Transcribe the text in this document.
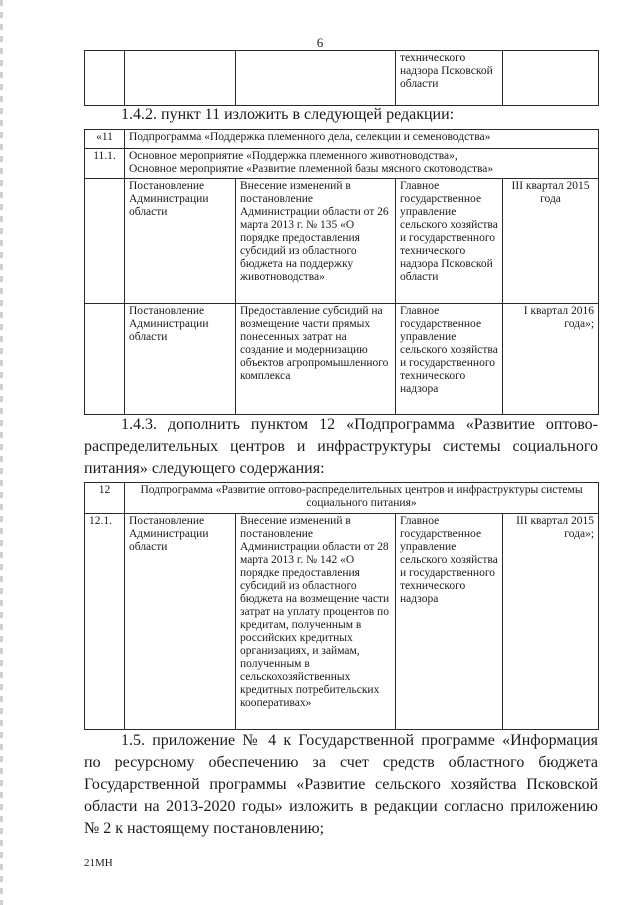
6
			технического надзора Псковской области	
1.4.2. пункт 11 изложить в следующей редакции:
«11	Подпрограмма «Поддержка племенного дела, селекции и семеноводства»			
11.1.	Основное мероприятие «Поддержка племенного животноводства»,
Основное мероприятие «Развитие племенной базы мясного скотоводства»			

	Постановление Администрации области	Внесение изменений в постановление Администрации области от 26 марта 2013 г. № 135 «О порядке предоставления субсидий из областного бюджета на поддержку животноводства»	Главное государственное управление сельского хозяйства и государственного технического надзора Псковской области	III квартал 2015 года
	Постановление Администрации области	Предоставление субсидий на возмещение части прямых понесенных затрат на создание и модернизацию объектов агропромышленного комплекса	Главное государственное управление сельского хозяйства и государственного технического надзора	I квартал 2016 года»;
1.4.3. дополнить пунктом 12 «Подпрограмма «Развитие оптово-
распределительных центров и инфраструктуры системы социального
питания» следующего содержания:
12	Подпрограмма «Развитие оптово-распределительных центров и инфраструктуры системы социального питания»			
12.1.	Постановление Администрации области	Внесение изменений в постановление Администрации области от 28 марта 2013 г. № 142 «О порядке предоставления субсидий из областного бюджета на возмещение части затрат на уплату процентов по кредитам, полученным в российских кредитных организациях, и займам, полученным в сельскохозяйственных кредитных потребительских кооперативах»	Главное государственное управление сельского хозяйства и государственного технического надзора	III квартал 2015 года»;
1.5. приложение № 4 к Государственной программе «Информация
по ресурсному обеспечению за счет средств областного бюджета
Государственной программы «Развитие сельского хозяйства Псковской
области на 2013-2020 годы» изложить в редакции согласно приложению
№ 2 к настоящему постановлению;
21МН
